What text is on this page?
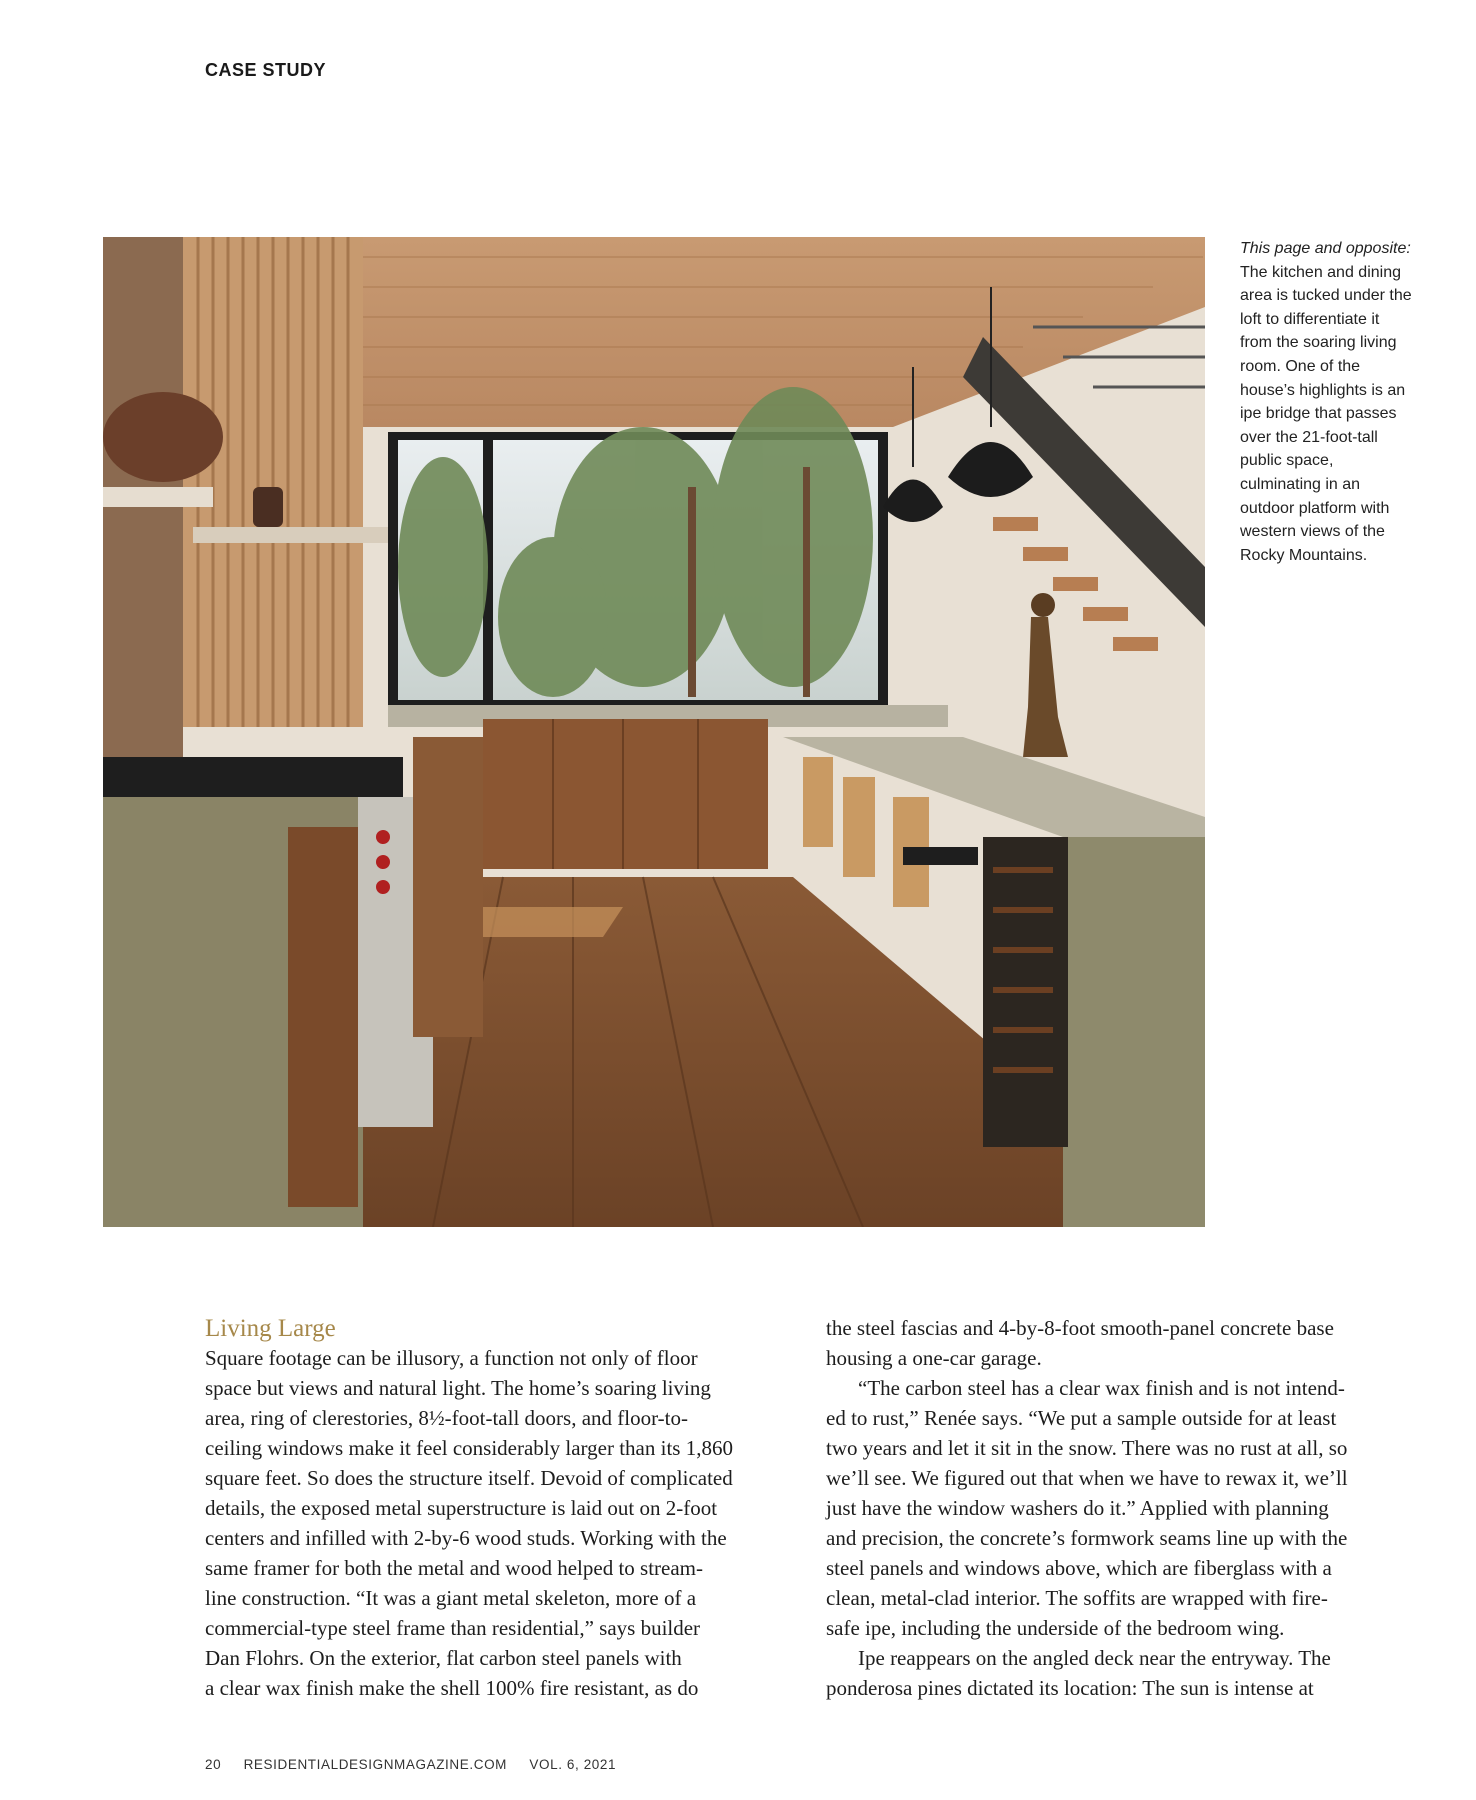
CASE STUDY
This page and opposite: The kitchen and dining area is tucked under the loft to differentiate it from the soaring living room. One of the house’s highlights is an ipe bridge that passes over the 21-foot-tall public space, culminating in an outdoor platform with western views of the Rocky Mountains.
Living Large

Square footage can be illusory, a function not only of floor

space but views and natural light. The home’s soaring living

area, ring of clerestories, 8½-foot-tall doors, and floor-to-

ceiling windows make it feel considerably larger than its 1,860

square feet. So does the structure itself. Devoid of complicated

details, the exposed metal superstructure is laid out on 2-foot

centers and infilled with 2-by-6 wood studs. Working with the

same framer for both the metal and wood helped to stream-

line construction. “It was a giant metal skeleton, more of a

commercial-type steel frame than residential,” says builder

Dan Flohrs. On the exterior, flat carbon steel panels with

a clear wax finish make the shell 100% fire resistant, as do

the steel fascias and 4-by-8-foot smooth-panel concrete base

housing a one-car garage.

“The carbon steel has a clear wax finish and is not intend-

ed to rust,” Renée says. “We put a sample outside for at least

two years and let it sit in the snow. There was no rust at all, so

we’ll see. We figured out that when we have to rewax it, we’ll

just have the window washers do it.” Applied with planning

and precision, the concrete’s formwork seams line up with the

steel panels and windows above, which are fiberglass with a

clean, metal-clad interior. The soffits are wrapped with fire-

safe ipe, including the underside of the bedroom wing.

Ipe reappears on the angled deck near the entryway. The

ponderosa pines dictated its location: The sun is intense at

20 RESIDENTIALDESIGNMAGAZINE.COM VOL. 6, 2021
